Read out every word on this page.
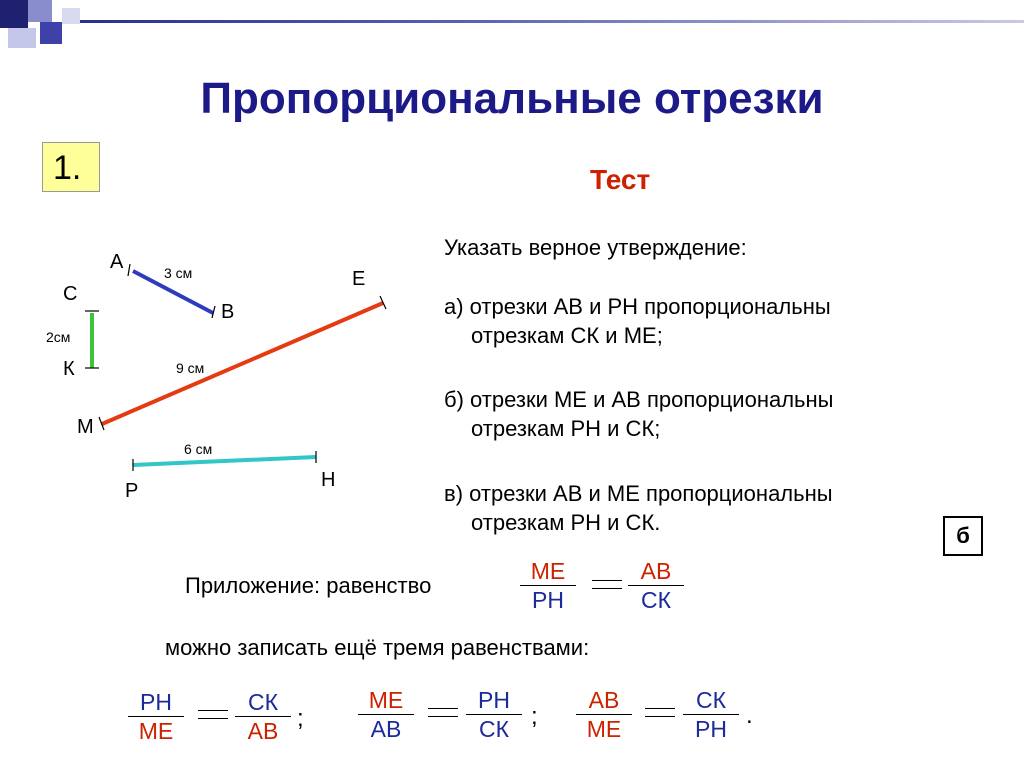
Пропорциональные отрезки
1.	Тест
А
В
С
К
Е
М
Р	Н
3 см
2см
9 см
6 см
Указать верное утверждение:
а) отрезки АВ и РН пропорциональны
отрезкам СК и МЕ;
б) отрезки МЕ и АВ пропорциональны
отрезкам РН и СК;
в) отрезки АВ и МЕ пропорциональны
отрезкам РН и СК.
б
Приложение: равенство
МЕ
РН
АВ
СК
можно записать ещё тремя равенствами:
РН
МЕ
СК
АВ ;
МЕ
АВ
РН
СК ;
АВ
МЕ
СК
РН .
